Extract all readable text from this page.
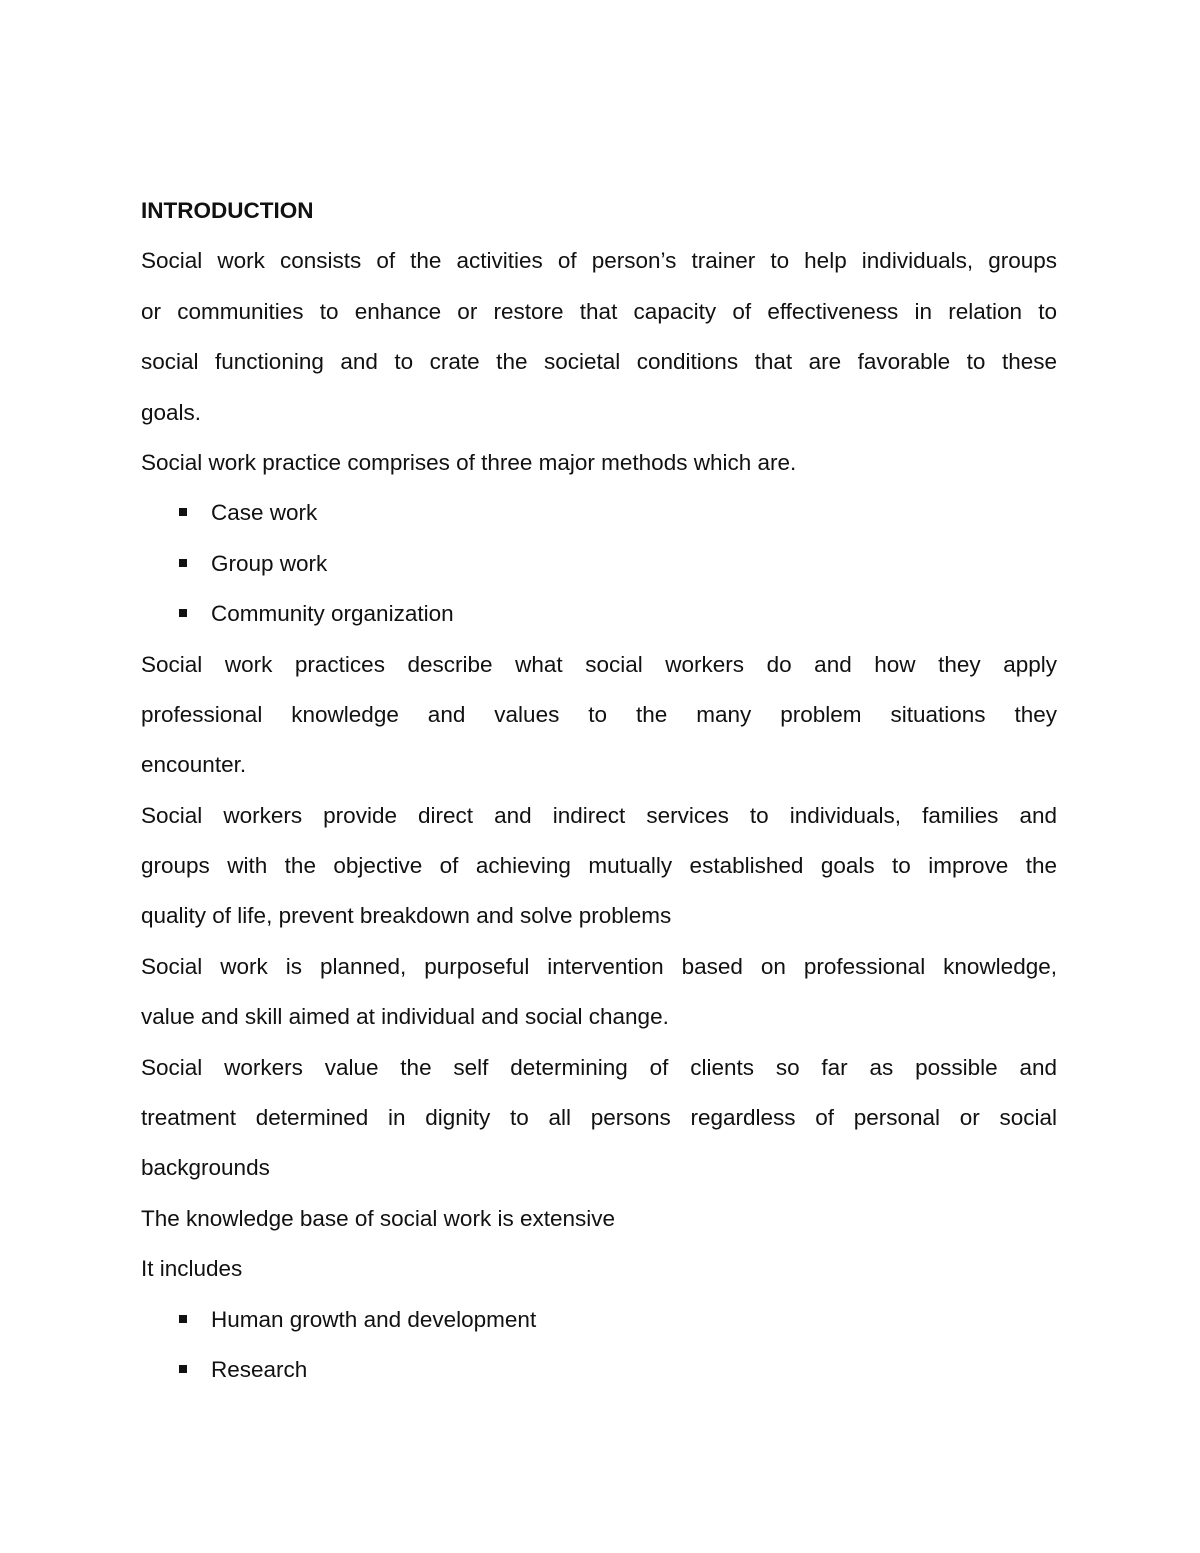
INTRODUCTION
Social work consists of the activities of person’s trainer to help individuals, groups
or communities to enhance or restore that capacity of effectiveness in relation to
social functioning and to crate the societal conditions that are favorable to these
goals.
Social work practice comprises of three major methods which are.
Case work
Group work
Community organization
Social work practices describe what social workers do and how they apply
professional knowledge and values to the many problem situations they
encounter.
Social workers provide direct and indirect services to individuals, families and
groups with the objective of achieving mutually established goals to improve the
quality of life, prevent breakdown and solve problems
Social work is planned, purposeful intervention based on professional knowledge,
value and skill aimed at individual and social change.
Social workers value the self determining of clients so far as possible and
treatment determined in dignity to all persons regardless of personal or social
backgrounds
The knowledge base of social work is extensive
It includes
Human growth and development
Research
